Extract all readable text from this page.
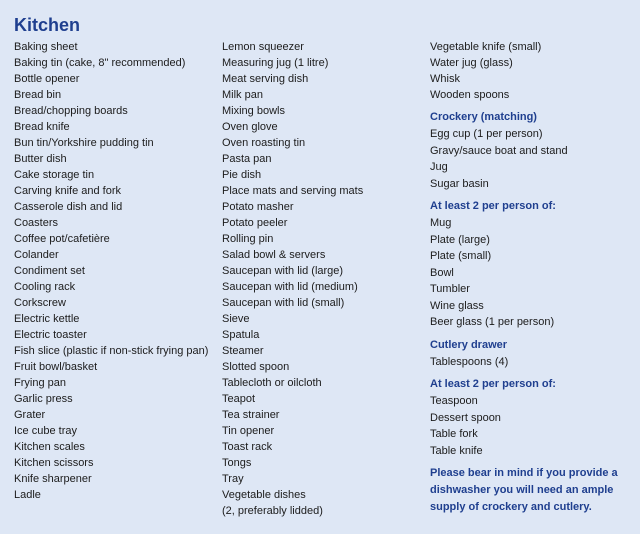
Kitchen
Baking sheet
Baking tin (cake, 8" recommended)
Bottle opener
Bread bin
Bread/chopping boards
Bread knife
Bun tin/Yorkshire pudding tin
Butter dish
Cake storage tin
Carving knife and fork
Casserole dish and lid
Coasters
Coffee pot/cafetière
Colander
Condiment set
Cooling rack
Corkscrew
Electric kettle
Electric toaster
Fish slice (plastic if non-stick frying pan)
Fruit bowl/basket
Frying pan
Garlic press
Grater
Ice cube tray
Kitchen scales
Kitchen scissors
Knife sharpener
Ladle
Lemon squeezer
Measuring jug (1 litre)
Meat serving dish
Milk pan
Mixing bowls
Oven glove
Oven roasting tin
Pasta pan
Pie dish
Place mats and serving mats
Potato masher
Potato peeler
Rolling pin
Salad bowl & servers
Saucepan with lid (large)
Saucepan with lid (medium)
Saucepan with lid (small)
Sieve
Spatula
Steamer
Slotted spoon
Tablecloth or oilcloth
Teapot
Tea strainer
Tin opener
Toast rack
Tongs
Tray
Vegetable dishes
(2, preferably lidded)
Vegetable knife (small)
Water jug (glass)
Whisk
Wooden spoons
Crockery (matching)
Egg cup (1 per person)
Gravy/sauce boat and stand
Jug
Sugar basin
At least 2 per person of:
Mug
Plate (large)
Plate (small)
Bowl
Tumbler
Wine glass
Beer glass (1 per person)
Cutlery drawer
Tablespoons (4)
At least 2 per person of:
Teaspoon
Dessert spoon
Table fork
Table knife
Please bear in mind if you provide a dishwasher you will need an ample supply of crockery and cutlery.
